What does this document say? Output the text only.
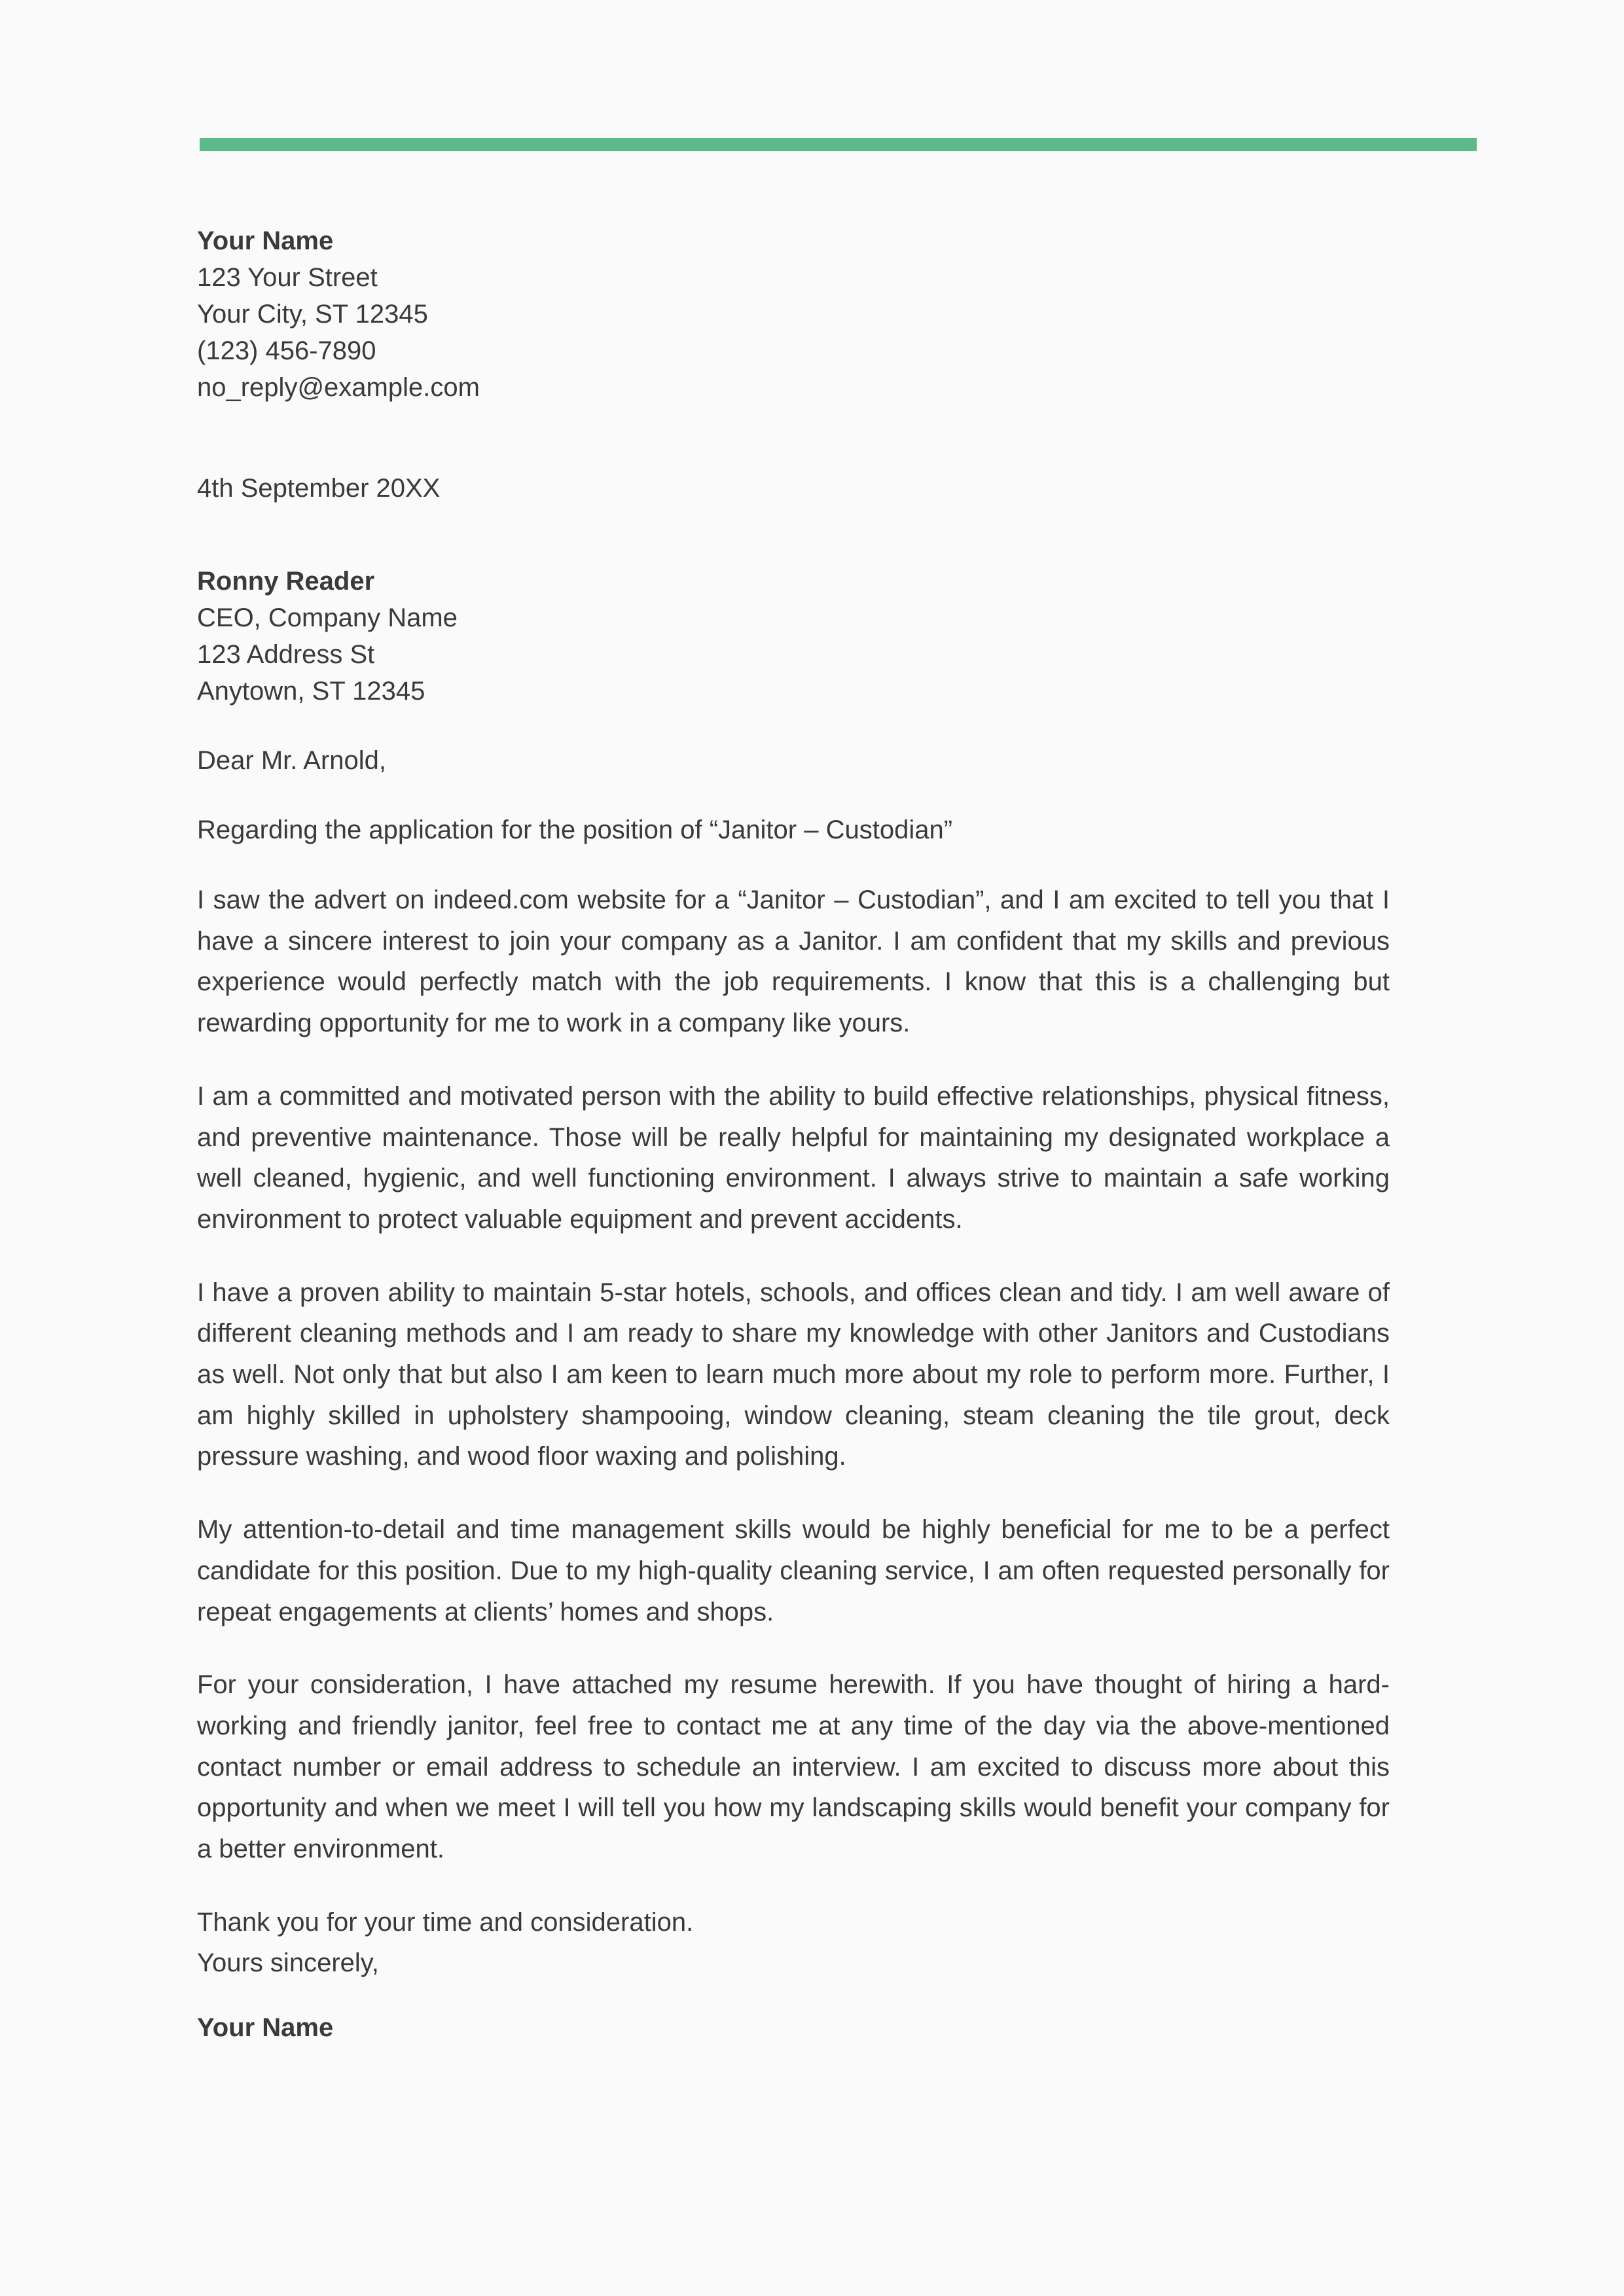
Your Name
123 Your Street
Your City, ST 12345
(123) 456-7890
no_reply@example.com
4th September 20XX
Ronny Reader
CEO, Company Name
123 Address St
Anytown, ST 12345
Dear Mr. Arnold,
Regarding the application for the position of “Janitor – Custodian”

I saw the advert on indeed.com website for a “Janitor – Custodian”, and I am excited to tell you that I have a sincere interest to join your company as a Janitor. I am confident that my skills and previous experience would perfectly match with the job requirements. I know that this is a challenging but rewarding opportunity for me to work in a company like yours.

I am a committed and motivated person with the ability to build effective relationships, physical fitness, and preventive maintenance. Those will be really helpful for maintaining my designated workplace a well cleaned, hygienic, and well functioning environment. I always strive to maintain a safe working environment to protect valuable equipment and prevent accidents.

I have a proven ability to maintain 5-star hotels, schools, and offices clean and tidy. I am well aware of different cleaning methods and I am ready to share my knowledge with other Janitors and Custodians as well. Not only that but also I am keen to learn much more about my role to perform more. Further, I am highly skilled in upholstery shampooing, window cleaning, steam cleaning the tile grout, deck pressure washing, and wood floor waxing and polishing.

My attention-to-detail and time management skills would be highly beneficial for me to be a perfect candidate for this position. Due to my high-quality cleaning service, I am often requested personally for repeat engagements at clients’ homes and shops.

For your consideration, I have attached my resume herewith. If you have thought of hiring a hard-working and friendly janitor, feel free to contact me at any time of the day via the above-mentioned contact number or email address to schedule an interview. I am excited to discuss more about this opportunity and when we meet I will tell you how my landscaping skills would benefit your company for a better environment.

Thank you for your time and consideration.
Yours sincerely,
Your Name
